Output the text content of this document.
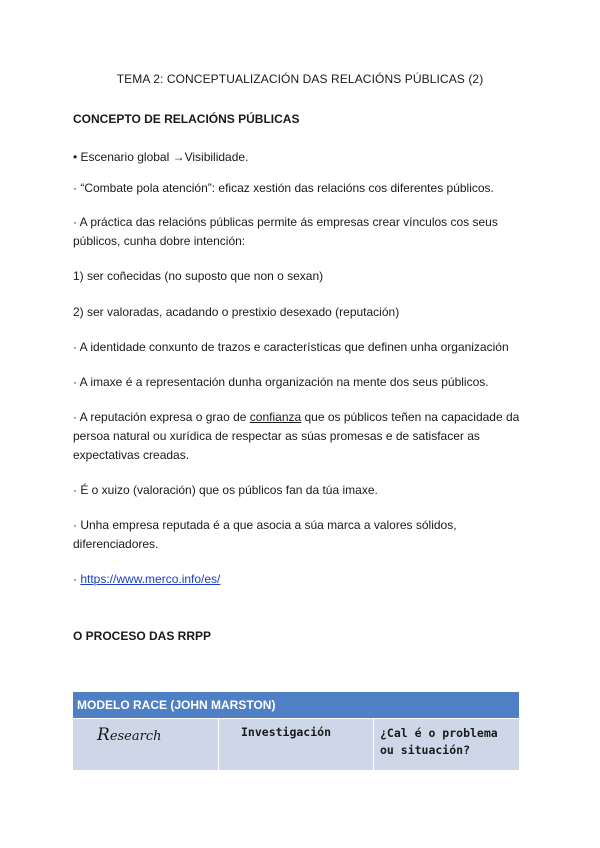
TEMA 2: CONCEPTUALIZACIÓN DAS RELACIÓNS PÚBLICAS (2)
CONCEPTO DE RELACIÓNS PÚBLICAS

• Escenario global →Visibilidade.

· “Combate pola atención”: eficaz xestión das relacións cos diferentes públicos.

· A práctica das relacións públicas permite ás empresas crear vínculos cos seus públicos, cunha dobre intención:

1) ser coñecidas (no suposto que non o sexan)

2) ser valoradas, acadando o prestixio desexado (reputación)

· A identidade conxunto de trazos e características que definen unha organización

· A imaxe é a representación dunha organización na mente dos seus públicos.

· A reputación expresa o grao de confianza que os públicos teñen na capacidade da persoa natural ou xurídica de respectar as súas promesas e de satisfacer as expectativas creadas.

· É o xuizo (valoración) que os públicos fan da túa imaxe.

· Unha empresa reputada é a que asocia a súa marca a valores sólidos, diferenciadores.

· https://www.merco.info/es/

O PROCESO DAS RRPP
MODELO RACE (JOHN MARSTON)
Research	Investigación	¿Cal é o problema ou situación?
